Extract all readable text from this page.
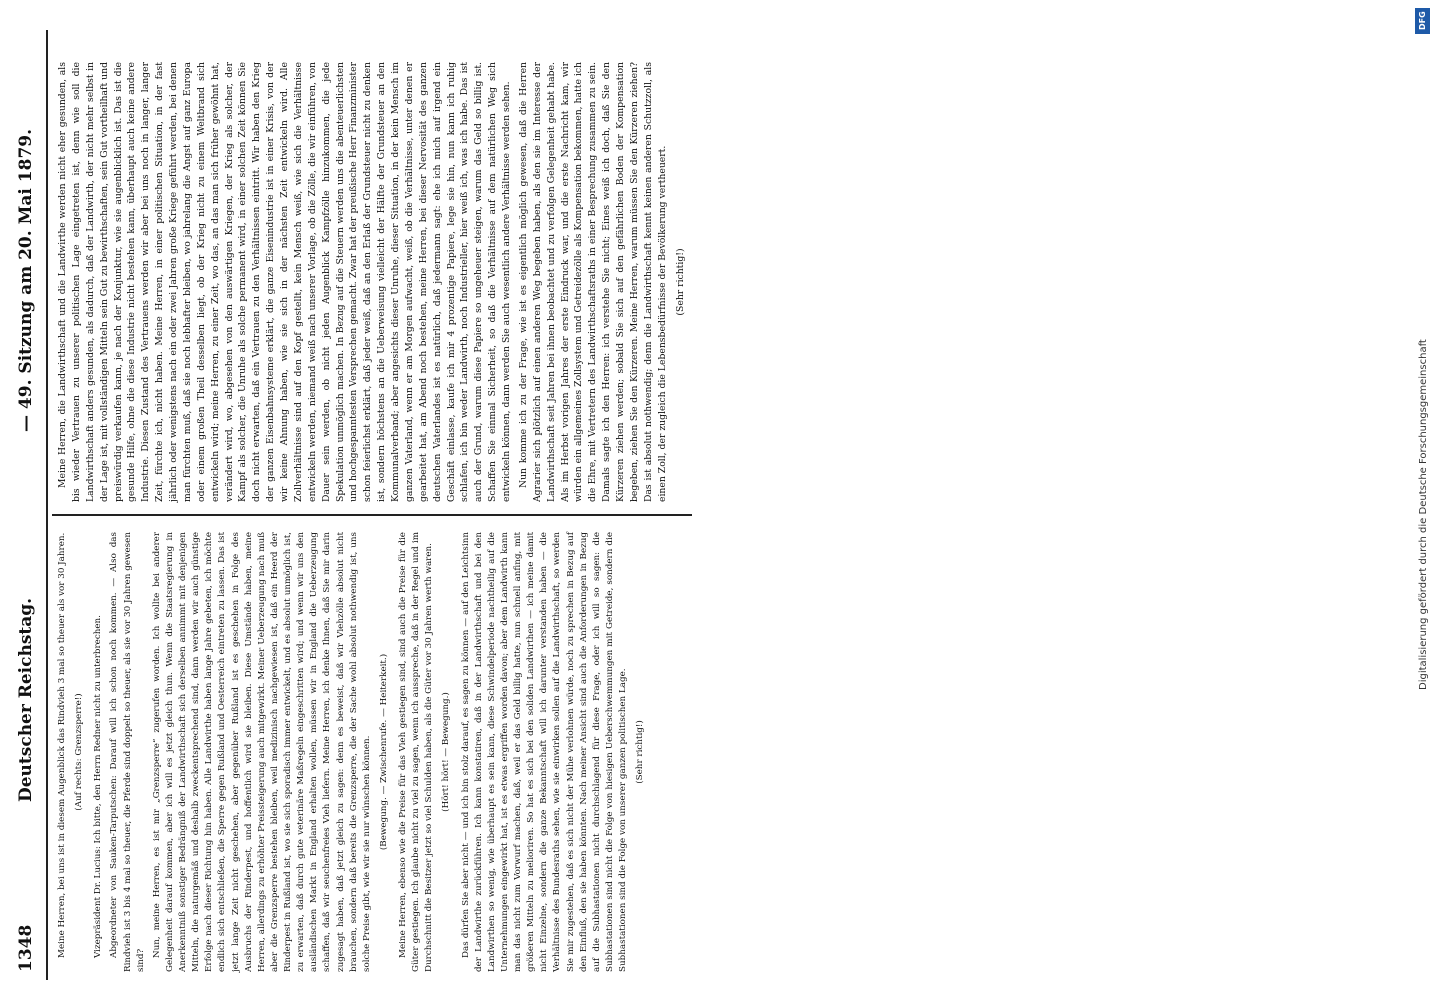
1348
Deutscher Reichstag.
— 49. Sitzung am 20. Mai 1879.

Meine Herren, bei uns ist in diesem Augenblick das Rindvieh 3 mal so theuer als vor 30 Jahren. (Auf rechts: Grenzsperre!) Vizepräsident Dr. Lucius: Ich bitte, den Herrn Redner nicht zu unterbrechen. Abgeordneter von Sauken-Tarputschen: Darauf will ich schon noch kommen. — Also das Rindvieh ist 3 bis 4 mal so theuer, die Pferde sind doppelt so theuer, als sie vor 30 Jahren gewesen sind?

Nun, meine Herren, es ist mir „Grenzsperre“ zugerufen worden. Ich wollte bei anderer Gelegenheit darauf kommen, aber ich will es jetzt gleich thun. Wenn die Staatsregierung in Anerkenntniß sonstiger Bedrängniß der Landwirthschaft sich derselben annimmt mit denjenigen Mitteln, die naturgemäß und deshalb zweckentsprechend sind, dann werden wir auch günstige Erfolge nach dieser Richtung hin haben. Alle Landwirthe haben lange Jahre gebeten, ich möchte endlich sich entschließen, die Sperre gegen Rußland und Oesterreich eintreten zu lassen. Das ist jetzt lange Zeit nicht geschehen, aber gegenüber Rußland ist es geschehen in Folge des Ausbruchs der Rinderpest, und hoffentlich wird sie bleiben. Diese Umstände haben, meine Herren, allerdings zu erhöhter Preissteigerung auch mitgewirkt. Meiner Ueberzeugung nach muß aber die Grenzsperre bestehen bleiben, weil medizinisch nachgewiesen ist, daß ein Heerd der Rinderpest in Rußland ist, wo sie sich sporadisch immer entwickelt, und es absolut unmöglich ist, zu erwarten, daß durch gute veterinäre Maßregeln eingeschritten wird; und wenn wir uns den ausländischen Markt in England erhalten wollen, müssen wir in England die Ueberzeugung schaffen, daß wir seuchenfreies Vieh liefern. Meine Herren, ich denke Ihnen, daß Sie mir darin zugesagt haben, daß jetzt gleich zu sagen: denn es beweist, daß wir Viehzölle absolut nicht brauchen, sondern daß bereits die Grenzsperre, die der Sache wohl absolut nothwendig ist, uns solche Preise gibt, wie wir sie nur wünschen können. (Bewegung. — Zwischenrufe. — Heiterkeit.) Meine Herren, ebenso wie die Preise für das Vieh gestiegen sind, sind auch die Preise für die Güter gestiegen. Ich glaube nicht zu viel zu sagen, wenn ich ausspreche, daß in der Regel und im Durchschnitt die Besitzer jetzt so viel Schulden haben, als die Güter vor 30 Jahren werth waren. (Hört! hört! — Bewegung.) Das dürfen Sie aber nicht — und ich bin stolz darauf, es sagen zu können — auf den Leichtsinn der Landwirthe zurückführen. Ich kann konstatiren, daß in der Landwirthschaft und bei den Landwirthen so wenig, wie überhaupt es sein kann, diese Schwindelperiode nachtheilig auf die Unternehmungen eingewirkt hat, ist es etwas ergriffen worden davon; aber dem Landwirth kann man das nicht zum Vorwurf machen, daß, weil er das Geld billig hatte, nun schnell anfing, mit größeren Mitteln zu melioriren. So hat es sich bei den soliden Landwirthen — ich meine damit nicht Einzelne, sondern die ganze Bekanntschaft will ich darunter verstanden haben — die Verhältnisse des Bundesraths sehen, wie sie einwirken sollen auf die Landwirthschaft, so werden Sie mir zugestehen, daß es sich nicht der Mühe verlohnen würde, noch zu sprechen in Bezug auf den Einfluß, den sie haben könnten. Nach meiner Ansicht sind auch die Anforderungen in Bezug auf die Subhastationen nicht durchschlagend für diese Frage, oder ich will so sagen: die Subhastationen sind nicht die Folge von hiesigen Ueberschwemmungen mit Getreide, sondern die Subhastationen sind die Folge von unserer ganzen politischen Lage. (Sehr richtig!)

Meine Herren, die Landwirthschaft und die Landwirthe werden nicht eher gesunden, als bis wieder Vertrauen zu unserer politischen Lage eingetreten ist, denn wie soll die Landwirthschaft anders gesunden, als dadurch, daß der Landwirth, der nicht mehr selbst in der Lage ist, mit vollständigen Mitteln sein Gut zu bewirthschaften, sein Gut vortheilhaft und preiswürdig verkaufen kann, je nach der Konjunktur, wie sie augenblicklich ist. Das ist die gesunde Hilfe, ohne die diese Industrie nicht bestehen kann, überhaupt auch keine andere Industrie. Diesen Zustand des Vertrauens werden wir aber bei uns noch in langer, langer Zeit, fürchte ich, nicht haben. Meine Herren, in einer politischen Situation, in der fast jährlich oder wenigstens nach ein oder zwei Jahren große Kriege geführt werden, bei denen man fürchten muß, daß sie noch lebhafter bleiben, wo jahrelang die Angst auf ganz Europa oder einem großen Theil desselben liegt, ob der Krieg nicht zu einem Weltbrand sich entwickeln wird; meine Herren, zu einer Zeit, wo das, an das man sich früher gewöhnt hat, verändert wird, wo, abgesehen von den auswärtigen Kriegen, der Krieg als solcher, der Kampf als solcher, die Unruhe als solche permanent wird, in einer solchen Zeit können Sie doch nicht erwarten, daß ein Vertrauen zu den Verhältnissen eintritt. Wir haben den Krieg der ganzen Eisenbahnsysteme erklärt, die ganze Eisenindustrie ist in einer Krisis, von der wir keine Ahnung haben, wie sie sich in der nächsten Zeit entwickeln wird. Alle Zollverhältnisse sind auf den Kopf gestellt, kein Mensch weiß, wie sich die Verhältnisse entwickeln werden, niemand weiß nach unserer Vorlage, ob die Zölle, die wir einführen, von Dauer sein werden, ob nicht jeden Augenblick Kampfzölle hinzukommen, die jede Spekulation unmöglich machen. In Bezug auf die Steuern werden uns die abenteuerlichsten und hochgespanntesten Versprechen gemacht. Zwar hat der preußische Herr Finanzminister schon feierlichst erklärt, daß jeder weiß, daß an den Erlaß der Grundsteuer nicht zu denken ist, sondern höchstens an die Ueberweisung vielleicht der Hälfte der Grundsteuer an den Kommunalverband; aber angesichts dieser Unruhe, dieser Situation, in der kein Mensch im ganzen Vaterland, wenn er am Morgen aufwacht, weiß, ob die Verhältnisse, unter denen er gearbeitet hat, am Abend noch bestehen, meine Herren, bei dieser Nervosität des ganzen deutschen Vaterlandes ist es natürlich, daß jedermann sagt: ehe ich mich auf irgend ein Geschäft einlasse, kaufe ich mir 4 prozentige Papiere, lege sie hin, nun kann ich ruhig schlafen, ich bin weder Landwirth, noch Industrieller, hier weiß ich, was ich habe. Das ist auch der Grund, warum diese Papiere so ungeheuer steigen, warum das Geld so billig ist. Schaffen Sie einmal Sicherheit, so daß die Verhältnisse auf dem natürlichen Weg sich entwickeln können, dann werden Sie auch wesentlich andere Verhältnisse werden sehen. Nun komme ich zu der Frage, wie ist es eigentlich möglich gewesen, daß die Herren Agrarier sich plötzlich auf einen anderen Weg begeben haben, als den sie im Interesse der Landwirthschaft seit Jahren bei ihnen beobachtet und zu verfolgen Gelegenheit gehabt habe. Als im Herbst vorigen Jahres der erste Eindruck war, und die erste Nachricht kam, wir würden ein allgemeines Zollsystem und Getreidezölle als Kompensation bekommen, hatte ich die Ehre, mit Vertretern des Landwirthschaftsraths in einer Besprechung zusammen zu sein. Damals sagte ich den Herren: ich verstehe Sie nicht; Eines weiß ich doch, daß Sie den Kürzeren ziehen werden; sobald Sie sich auf den gefährlichen Boden der Kompensation begeben, ziehen Sie den Kürzeren. Meine Herren, warum müssen Sie den Kürzeren ziehen? Das ist absolut nothwendig; denn die Landwirthschaft kennt keinen anderen Schutzzoll, als einen Zoll, der zugleich die Lebensbedürfnisse der Bevölkerung vertheuert. (Sehr richtig!)

DFG
Digitalisierung gefördert durch die Deutsche Forschungsgemeinschaft
